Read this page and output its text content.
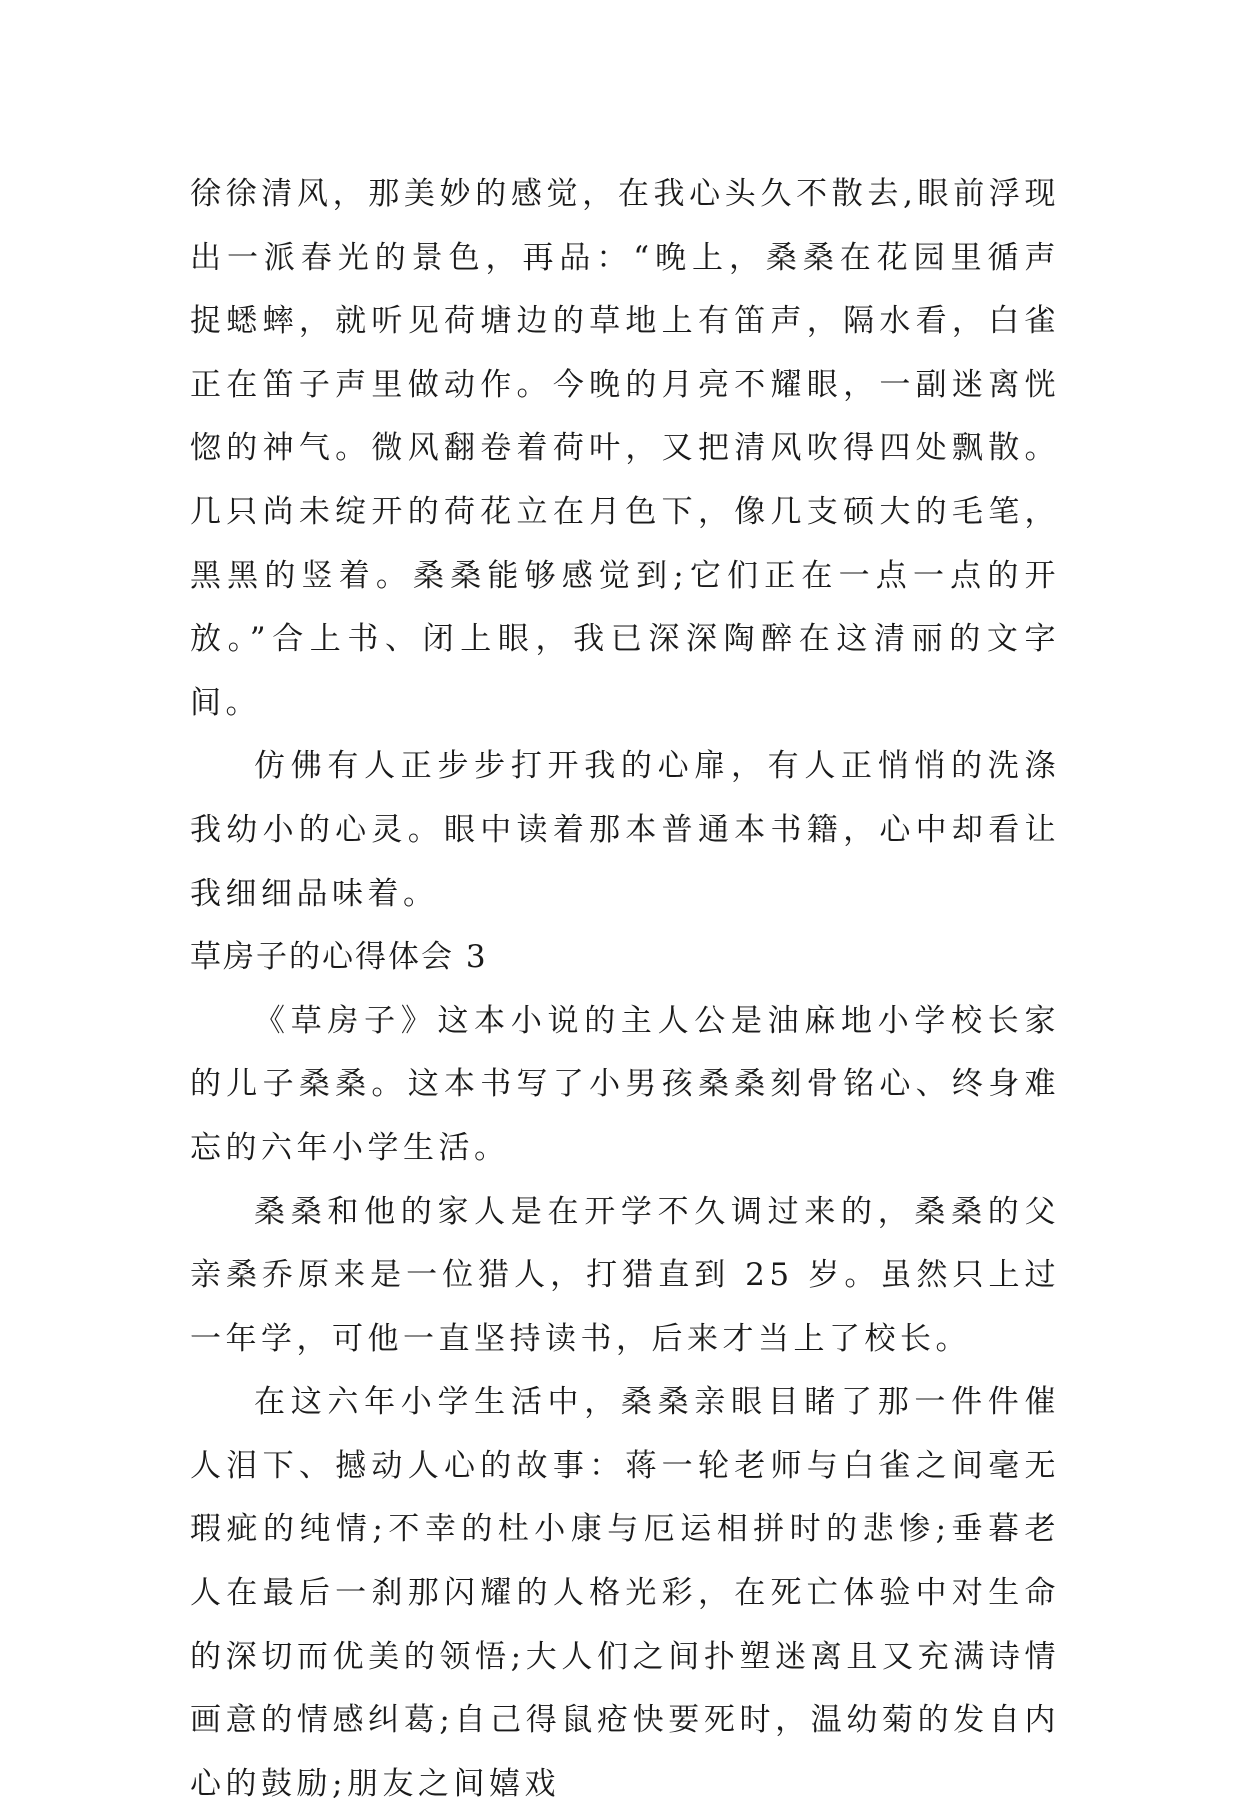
徐徐清风，那美妙的感觉，在我心头久不散去,眼前浮现出一派春光的景色，再品：“晚上，桑桑在花园里循声捉蟋蟀，就听见荷塘边的草地上有笛声，隔水看，白雀正在笛子声里做动作。今晚的月亮不耀眼，一副迷离恍惚的神气。微风翻卷着荷叶，又把清风吹得四处飘散。几只尚未绽开的荷花立在月色下，像几支硕大的毛笔，黑黑的竖着。桑桑能够感觉到;它们正在一点一点的开放。”合上书、闭上眼，我已深深陶醉在这清丽的文字间。

仿佛有人正步步打开我的心扉，有人正悄悄的洗涤我幼小的心灵。眼中读着那本普通本书籍，心中却看让我细细品味着。

草房子的心得体会 3

《草房子》这本小说的主人公是油麻地小学校长家的儿子桑桑。这本书写了小男孩桑桑刻骨铭心、终身难忘的六年小学生活。

桑桑和他的家人是在开学不久调过来的，桑桑的父亲桑乔原来是一位猎人，打猎直到 25 岁。虽然只上过一年学，可他一直坚持读书，后来才当上了校长。

在这六年小学生活中，桑桑亲眼目睹了那一件件催人泪下、撼动人心的故事：蒋一轮老师与白雀之间毫无瑕疵的纯情;不幸的杜小康与厄运相拼时的悲惨;垂暮老人在最后一刹那闪耀的人格光彩，在死亡体验中对生命的深切而优美的领悟;大人们之间扑塑迷离且又充满诗情画意的情感纠葛;自己得鼠疮快要死时，温幼菊的发自内心的鼓励;朋友之间嬉戏
